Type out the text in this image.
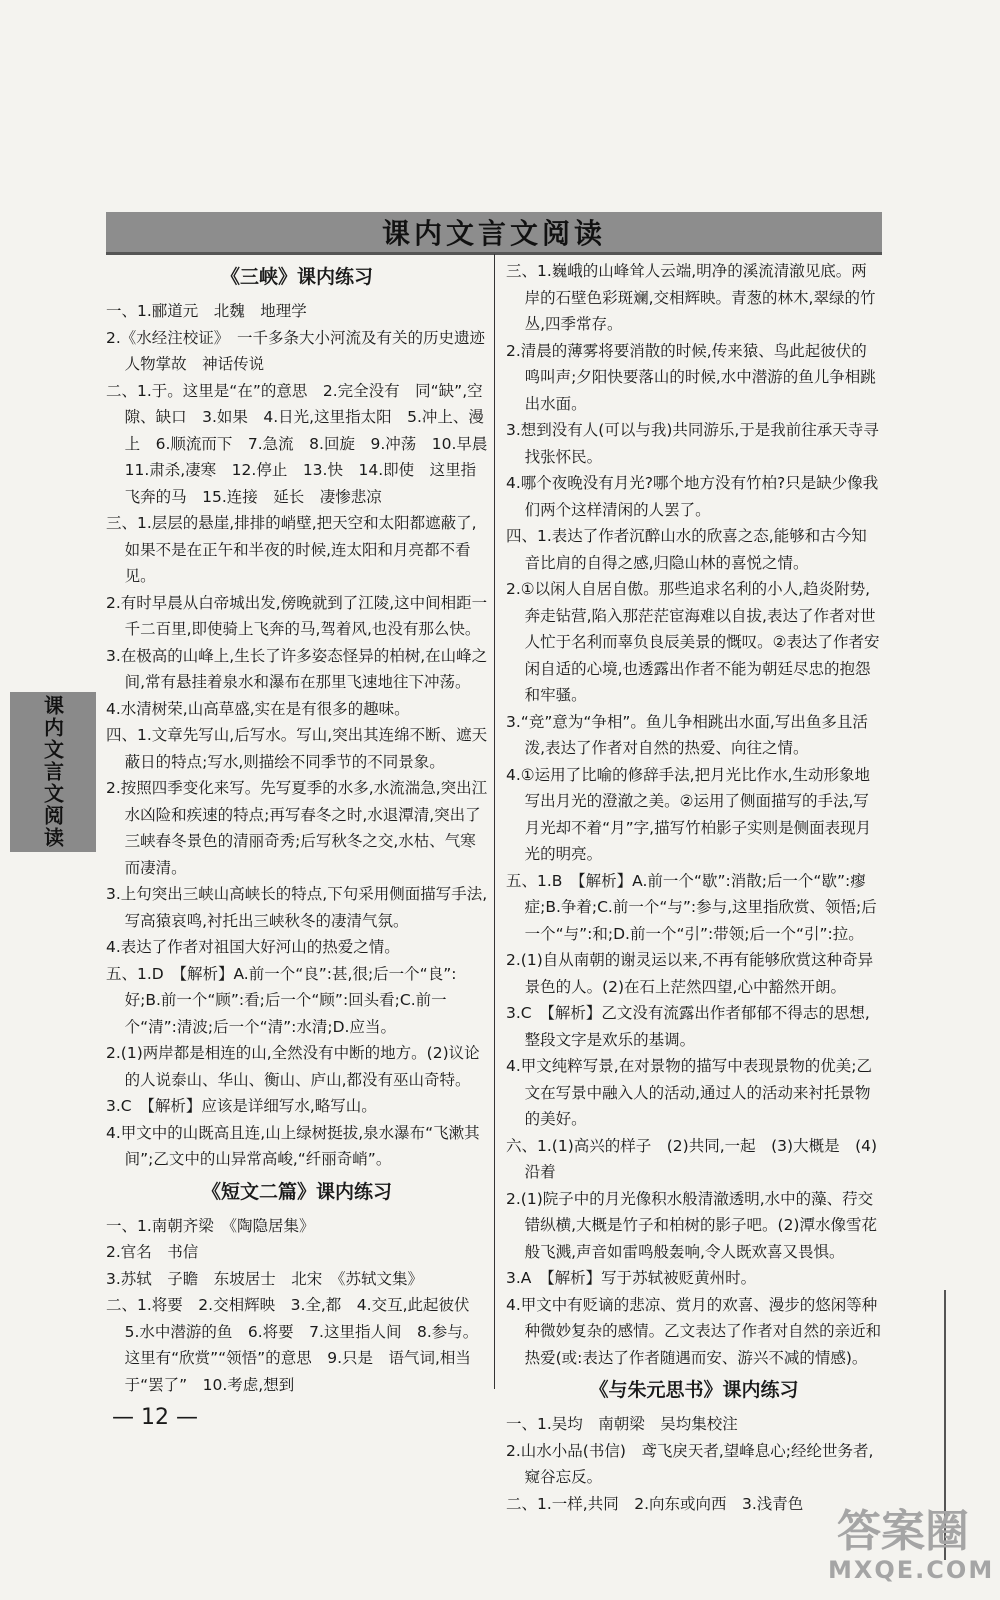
课内文言文阅读
课内文言文阅读
《三峡》课内练习
一、1.郦道元　北魏　地理学
2.《水经注校证》　一千多条大小河流及有关的历史遗迹　人物掌故　神话传说
二、1.于。这里是“在”的意思　2.完全没有　同“缺”,空隙、缺口　3.如果　4.日光,这里指太阳　5.冲上、漫上　6.顺流而下　7.急流　8.回旋　9.冲荡　10.早晨　11.肃杀,凄寒　12.停止　13.快　14.即使　这里指飞奔的马　15.连接　延长　凄惨悲凉
三、1.层层的悬崖,排排的峭壁,把天空和太阳都遮蔽了,如果不是在正午和半夜的时候,连太阳和月亮都不看见。
2.有时早晨从白帝城出发,傍晚就到了江陵,这中间相距一千二百里,即使骑上飞奔的马,驾着风,也没有那么快。
3.在极高的山峰上,生长了许多姿态怪异的柏树,在山峰之间,常有悬挂着泉水和瀑布在那里飞速地往下冲荡。
4.水清树荣,山高草盛,实在是有很多的趣味。
四、1.文章先写山,后写水。写山,突出其连绵不断、遮天蔽日的特点;写水,则描绘不同季节的不同景象。
2.按照四季变化来写。先写夏季的水多,水流湍急,突出江水凶险和疾速的特点;再写春冬之时,水退潭清,突出了三峡春冬景色的清丽奇秀;后写秋冬之交,水枯、气寒而凄清。
3.上句突出三峡山高峡长的特点,下句采用侧面描写手法,写高猿哀鸣,衬托出三峡秋冬的凄清气氛。
4.表达了作者对祖国大好河山的热爱之情。
五、1.D　【解析】A.前一个“良”:甚,很;后一个“良”:好;B.前一个“顾”:看;后一个“顾”:回头看;C.前一个“清”:清波;后一个“清”:水清;D.应当。
2.(1)两岸都是相连的山,全然没有中断的地方。(2)议论的人说泰山、华山、衡山、庐山,都没有巫山奇特。
3.C　【解析】应该是详细写水,略写山。
4.甲文中的山既高且连,山上绿树挺拔,泉水瀑布“飞漱其间”;乙文中的山异常高峻,“纤丽奇峭”。
《短文二篇》课内练习
一、1.南朝齐梁　《陶隐居集》
2.官名　书信
3.苏轼　子瞻　东坡居士　北宋　《苏轼文集》
二、1.将要　2.交相辉映　3.全,都　4.交互,此起彼伏　5.水中潜游的鱼　6.将要　7.这里指人间　8.参与。这里有“欣赏”“领悟”的意思　9.只是　语气词,相当于“罢了”　10.考虑,想到
三、1.巍峨的山峰耸人云端,明净的溪流清澈见底。两岸的石壁色彩斑斓,交相辉映。青葱的林木,翠绿的竹丛,四季常存。
2.清晨的薄雾将要消散的时候,传来猿、鸟此起彼伏的鸣叫声;夕阳快要落山的时候,水中潜游的鱼儿争相跳出水面。
3.想到没有人(可以与我)共同游乐,于是我前往承天寺寻找张怀民。
4.哪个夜晚没有月光?哪个地方没有竹柏?只是缺少像我们两个这样清闲的人罢了。
四、1.表达了作者沉醉山水的欣喜之态,能够和古今知音比肩的自得之感,归隐山林的喜悦之情。
2.①以闲人自居自傲。那些追求名利的小人,趋炎附势,奔走钻营,陷入那茫茫宦海难以自拔,表达了作者对世人忙于名利而辜负良辰美景的慨叹。②表达了作者安闲自适的心境,也透露出作者不能为朝廷尽忠的抱怨和牢骚。
3.“竞”意为“争相”。鱼儿争相跳出水面,写出鱼多且活泼,表达了作者对自然的热爱、向往之情。
4.①运用了比喻的修辞手法,把月光比作水,生动形象地写出月光的澄澈之美。②运用了侧面描写的手法,写月光却不着“月”字,描写竹柏影子实则是侧面表现月光的明亮。
五、1.B　【解析】A.前一个“歇”:消散;后一个“歇”:瘳症;B.争着;C.前一个“与”:参与,这里指欣赏、领悟;后一个“与”:和;D.前一个“引”:带领;后一个“引”:拉。
2.(1)自从南朝的谢灵运以来,不再有能够欣赏这种奇异景色的人。(2)在石上茫然四望,心中豁然开朗。
3.C　【解析】乙文没有流露出作者郁郁不得志的思想,整段文字是欢乐的基调。
4.甲文纯粹写景,在对景物的描写中表现景物的优美;乙文在写景中融入人的活动,通过人的活动来衬托景物的美好。
六、1.(1)高兴的样子　(2)共同,一起　(3)大概是　(4)沿着
2.(1)院子中的月光像积水般清澈透明,水中的藻、荇交错纵横,大概是竹子和柏树的影子吧。(2)潭水像雪花般飞溅,声音如雷鸣般轰响,令人既欢喜又畏惧。
3.A　【解析】写于苏轼被贬黄州时。
4.甲文中有贬谪的悲凉、赏月的欢喜、漫步的悠闲等种种微妙复杂的感情。乙文表达了作者对自然的亲近和热爱(或:表达了作者随遇而安、游兴不减的情感)。
《与朱元思书》课内练习
一、1.吴均　南朝梁　吴均集校注
2.山水小品(书信)　鸢飞戾天者,望峰息心;经纶世务者,窥谷忘反。
二、1.一样,共同　2.向东或向西　3.浅青色
— 12 —
答案圈
MXQE.COM
